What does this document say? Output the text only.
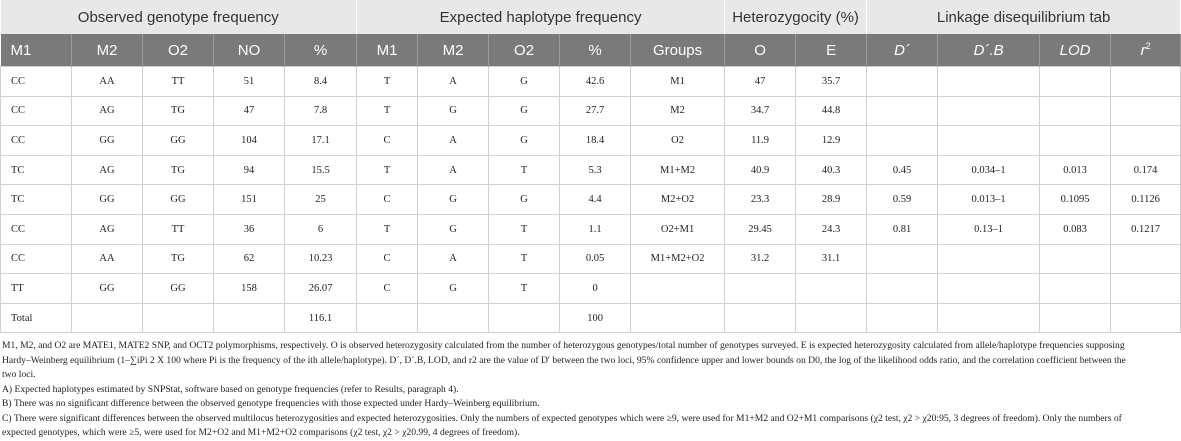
Observed genotype frequency					Expected haplotype frequency					Heterozygocity (%)		Linkage disequilibrium tab			
M1	M2	O2	NO	%	M1	M2	O2	%	Groups	O	E	D´	D´.B	LOD	$r^2$
CC	AA	TT	51	8.4	T	A	G	42.6	M1	47	35.7				
CC	AG	TG	47	7.8	T	G	G	27.7	M2	34.7	44.8				
CC	GG	GG	104	17.1	C	A	G	18.4	O2	11.9	12.9				
TC	AG	TG	94	15.5	T	A	T	5.3	M1+M2	40.9	40.3	0.45	0.034–1	0.013	0.174
TC	GG	GG	151	25	C	G	G	4.4	M2+O2	23.3	28.9	0.59	0.013–1	0.1095	0.1126
CC	AG	TT	36	6	T	G	T	1.1	O2+M1	29.45	24.3	0.81	0.13–1	0.083	0.1217
CC	AA	TG	62	10.23	C	A	T	0.05	M1+M2+O2	31.2	31.1				
TT	GG	GG	158	26.07	C	G	T	0							
Total				116.1				100							

M1, M2, and O2 are MATE1, MATE2 SNP, and OCT2 polymorphisms, respectively. O is observed heterozygosity calculated from the number of heterozygous genotypes/total number of genotypes surveyed. E is expected heterozygosity calculated from allele/haplotype frequencies supposing Hardy–Weinberg equilibrium (1–∑iPi 2 X 100 where Pi is the frequency of the ith allele/haplotype). D´, D´.B, LOD, and r2 are the value of D′ between the two loci, 95% confidence upper and lower bounds on D0, the log of the likelihood odds ratio, and the correlation coefficient between the two loci.

A) Expected haplotypes estimated by SNPStat, software based on genotype frequencies (refer to Results, paragraph 4).

B) There was no significant difference between the observed genotype frequencies with those expected under Hardy–Weinberg equilibrium.

C) There were significant differences between the observed multilocus heterozygosities and expected heterozygosities. Only the numbers of expected genotypes which were ≥9, were used for M1+M2 and O2+M1 comparisons (χ2 test, χ2 > χ20:95, 3 degrees of freedom). Only the numbers of expected genotypes, which were ≥5, were used for M2+O2 and M1+M2+O2 comparisons (χ2 test, χ2 > χ20.99, 4 degrees of freedom).
